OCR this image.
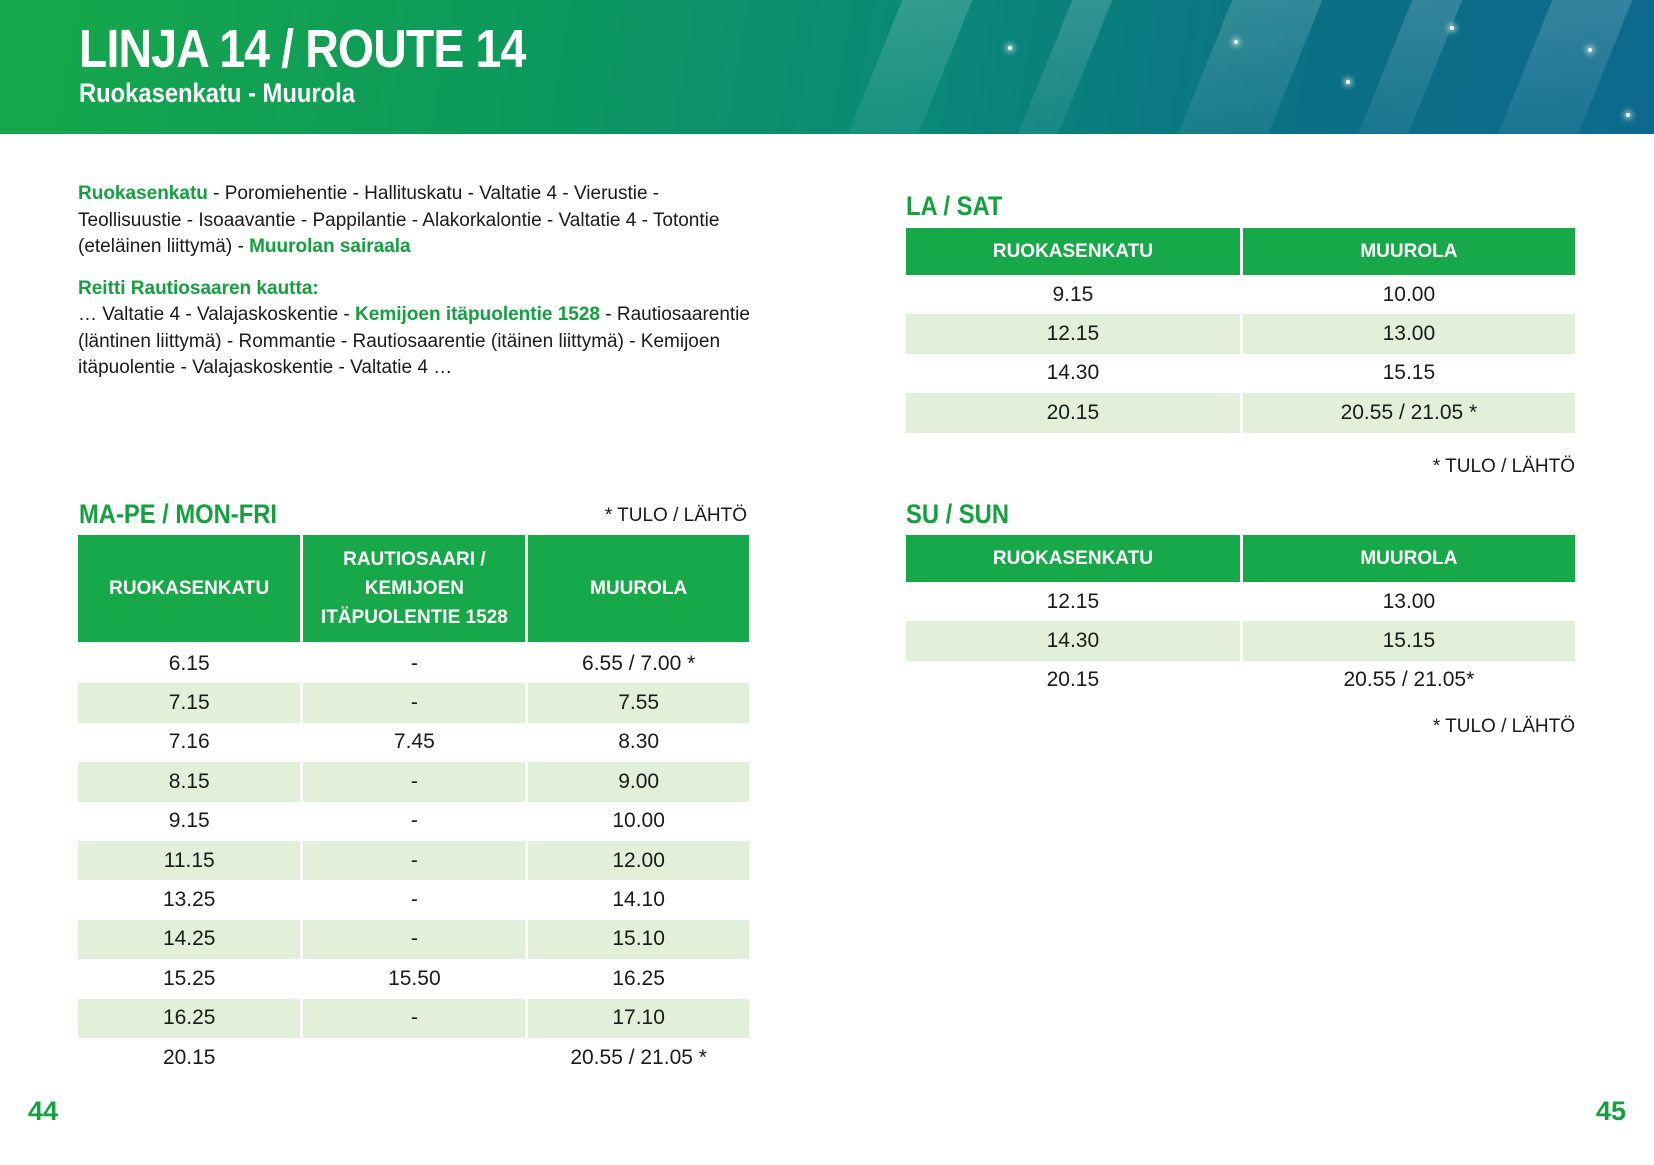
LINJA 14 / ROUTE 14
Ruokasenkatu - Muurola

Ruokasenkatu - Poromiehentie - Hallituskatu - Valtatie 4 - Vierustie - Teollisuustie - Isoaavantie - Pappilantie - Alakorkalontie - Valtatie 4 - Totontie (eteläinen liittymä) - Muurolan sairaala

Reitti Rautiosaaren kautta:

… Valtatie 4 - Valajaskoskentie - Kemijoen itäpuolentie 1528 - Rautiosaarentie (läntinen liittymä) - Rommantie - Rautiosaarentie (itäinen liittymä) - Kemijoen itäpuolentie - Valajaskoskentie - Valtatie 4 …

MA-PE / MON-FRI	* TULO / LÄHTÖ
RUOKASENKATU	RAUTIOSAARI /
KEMIJOEN
ITÄPUOLENTIE 1528	MUUROLA

6.15	-	6.55 / 7.00 *
7.15	-	7.55
7.16	7.45	8.30
8.15	-	9.00
9.15	-	10.00
11.15	-	12.00
13.25	-	14.10
14.25	-	15.10
15.25	15.50	16.25
16.25	-	17.10
20.15		20.55 / 21.05 *
LA / SAT
RUOKASENKATU	MUUROLA
9.15	10.00
12.15	13.00
14.30	15.15
20.15	20.55 / 21.05 *
* TULO / LÄHTÖ
SU / SUN
RUOKASENKATU	MUUROLA
12.15	13.00
14.30	15.15
20.15	20.55 / 21.05*
* TULO / LÄHTÖ
44	45
